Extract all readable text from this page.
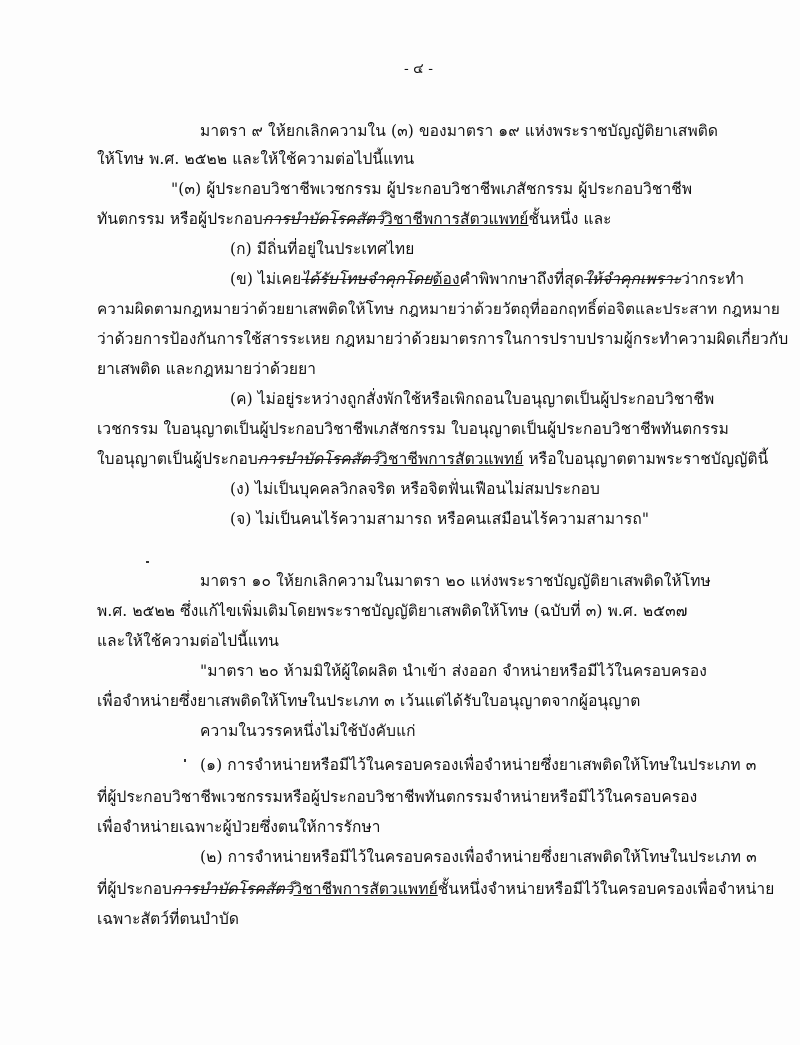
- ๔ -
มาตรา ๙ ให้ยกเลิกความใน (๓) ของมาตรา ๑๙ แห่งพระราชบัญญัติยาเสพติด
ให้โทษ พ.ศ. ๒๕๒๒ และให้ใช้ความต่อไปนี้แทน
"(๓) ผู้ประกอบวิชาชีพเวชกรรม ผู้ประกอบวิชาชีพเภสัชกรรม ผู้ประกอบวิชาชีพ
ทันตกรรม หรือผู้ประกอบการบำบัดโรคสัตว์วิชาชีพการสัตวแพทย์ชั้นหนึ่ง และ
(ก) มีถิ่นที่อยู่ในประเทศไทย
(ข) ไม่เคยได้รับโทษจำคุกโดยต้องคำพิพากษาถึงที่สุดให้จำคุกเพราะว่ากระทำ
ความผิดตามกฎหมายว่าด้วยยาเสพติดให้โทษ กฎหมายว่าด้วยวัตถุที่ออกฤทธิ์ต่อจิตและประสาท กฎหมาย
ว่าด้วยการป้องกันการใช้สารระเหย กฎหมายว่าด้วยมาตรการในการปราบปรามผู้กระทำความผิดเกี่ยวกับ
ยาเสพติด และกฎหมายว่าด้วยยา
(ค) ไม่อยู่ระหว่างถูกสั่งพักใช้หรือเพิกถอนใบอนุญาตเป็นผู้ประกอบวิชาชีพ
เวชกรรม ใบอนุญาตเป็นผู้ประกอบวิชาชีพเภสัชกรรม ใบอนุญาตเป็นผู้ประกอบวิชาชีพทันตกรรม
ใบอนุญาตเป็นผู้ประกอบการบำบัดโรคสัตว์วิชาชีพการสัตวแพทย์ หรือใบอนุญาตตามพระราชบัญญัตินี้
(ง) ไม่เป็นบุคคลวิกลจริต หรือจิตฟั่นเฟือนไม่สมประกอบ
(จ) ไม่เป็นคนไร้ความสามารถ หรือคนเสมือนไร้ความสามารถ"
มาตรา ๑๐ ให้ยกเลิกความในมาตรา ๒๐ แห่งพระราชบัญญัติยาเสพติดให้โทษ
พ.ศ. ๒๕๒๒ ซึ่งแก้ไขเพิ่มเติมโดยพระราชบัญญัติยาเสพติดให้โทษ (ฉบับที่ ๓) พ.ศ. ๒๕๓๗
และให้ใช้ความต่อไปนี้แทน
"มาตรา ๒๐ ห้ามมิให้ผู้ใดผลิต นำเข้า ส่งออก จำหน่ายหรือมีไว้ในครอบครอง
เพื่อจำหน่ายซึ่งยาเสพติดให้โทษในประเภท ๓ เว้นแต่ได้รับใบอนุญาตจากผู้อนุญาต
ความในวรรคหนึ่งไม่ใช้บังคับแก่
(๑) การจำหน่ายหรือมีไว้ในครอบครองเพื่อจำหน่ายซึ่งยาเสพติดให้โทษในประเภท ๓
ที่ผู้ประกอบวิชาชีพเวชกรรมหรือผู้ประกอบวิชาชีพทันตกรรมจำหน่ายหรือมีไว้ในครอบครอง
เพื่อจำหน่ายเฉพาะผู้ป่วยซึ่งตนให้การรักษา
(๒) การจำหน่ายหรือมีไว้ในครอบครองเพื่อจำหน่ายซึ่งยาเสพติดให้โทษในประเภท ๓
ที่ผู้ประกอบการบำบัดโรคสัตว์วิชาชีพการสัตวแพทย์ชั้นหนึ่งจำหน่ายหรือมีไว้ในครอบครองเพื่อจำหน่าย
เฉพาะสัตว์ที่ตนบำบัด
